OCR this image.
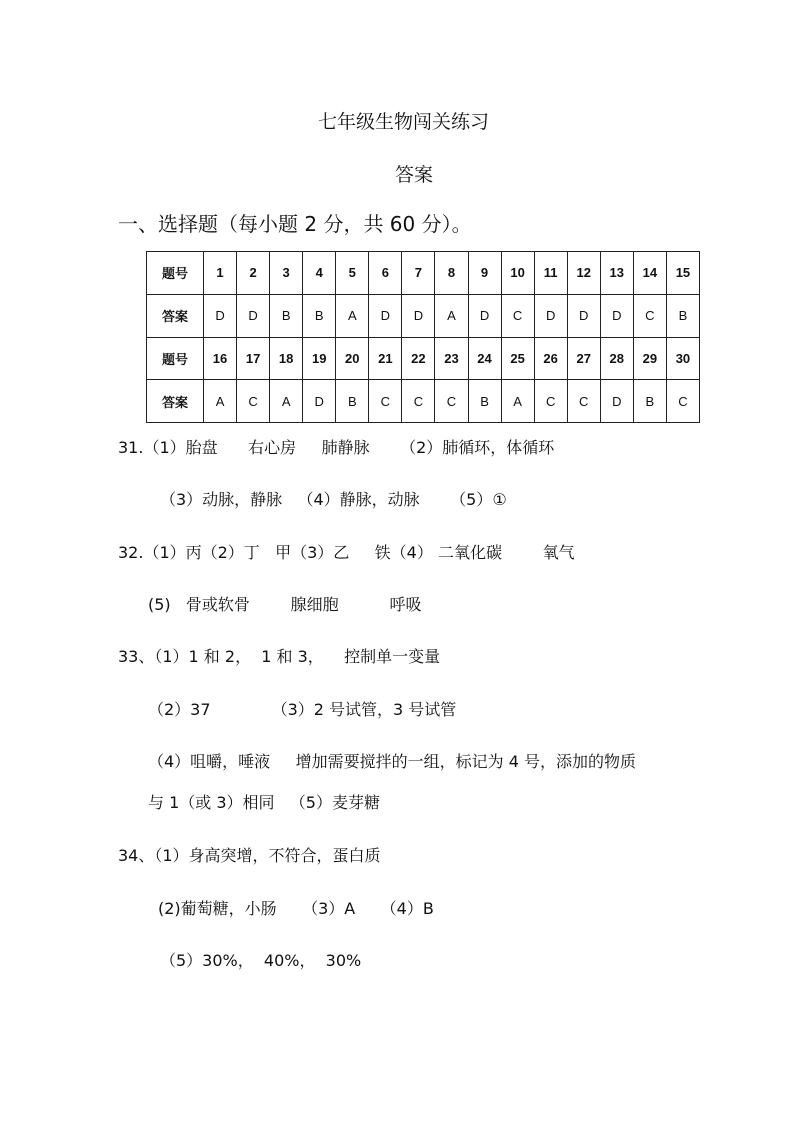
七年级生物闯关练习
答案
一、选择题（每小题 2 分，共 60 分）。
题号	1	2	3	4	5	6	7	8	9	10	11	12	13	14	15
答案	D	D	B	B	A	D	D	A	D	C	D	D	D	C	B
题号	16	17	18	19	20	21	22	23	24	25	26	27	28	29	30
答案	A	C	A	D	B	C	C	C	B	A	C	C	D	B	C
31.（1）胎盘      右心房     肺静脉      （2）肺循环，体循环
（3）动脉，静脉   （4）静脉，动脉      （5）①
32.（1）丙（2）丁   甲（3）乙     铁（4） 二氧化碳        氧气
(5)   骨或软骨        腺细胞          呼吸
33、（1）1 和 2，  1 和 3，    控制单一变量
（2）37            （3）2 号试管，3 号试管
（4）咀嚼，唾液     增加需要搅拌的一组，标记为 4 号，添加的物质
与 1（或 3）相同   （5）麦芽糖
34、（1）身高突增，不符合，蛋白质
(2)葡萄糖，小肠     （3）A     （4）B
（5）30%，  40%，  30%
